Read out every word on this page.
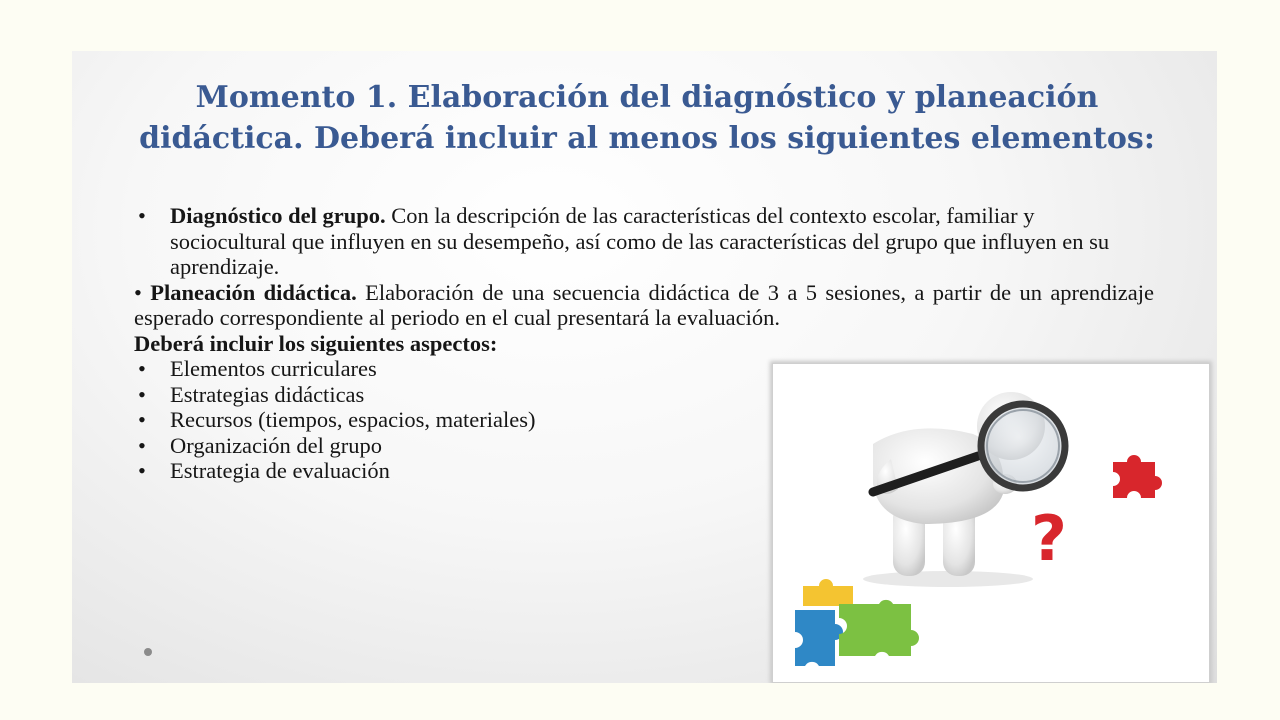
Momento 1. Elaboración del diagnóstico y planeación didáctica. Deberá incluir al menos los siguientes elementos:
• Diagnóstico del grupo. Con la descripción de las características del contexto escolar, familiar y sociocultural que influyen en su desempeño, así como de las características del grupo que influyen en su aprendizaje.

• Planeación didáctica. Elaboración de una secuencia didáctica de 3 a 5 sesiones, a partir de un aprendizaje esperado correspondiente al periodo en el cual presentará la evaluación.

Deberá incluir los siguientes aspectos:

• Elementos curriculares
• Estrategias didácticas
• Recursos (tiempos, espacios, materiales)
• Organización del grupo
• Estrategia de evaluación
?
